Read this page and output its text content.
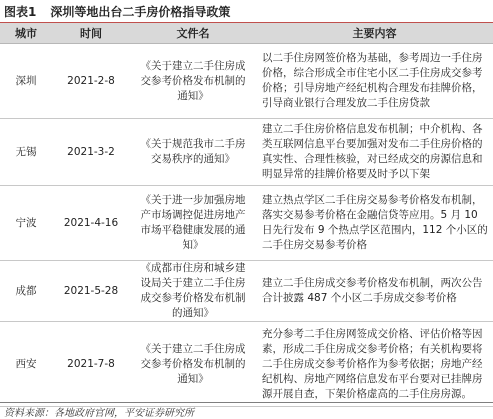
图表1 深圳等地出台二手房价格指导政策
城市	时间	文件名	主要内容
深圳	2021-2-8	《关于建立二手住房成交参考价格发布机制的通知》	以二手住房网签价格为基础，参考周边一手住房价格，综合形成全市住宅小区二手住房成交参考价格；引导房地产经纪机构合理发布挂牌价格，引导商业银行合理发放二手住房贷款
无锡	2021-3-2	《关于规范我市二手房交易秩序的通知》	建立二手住房价格信息发布机制；中介机构、各类互联网信息平台要加强对发布二手住房价格的真实性、合理性核验，对已经成交的房源信息和明显异常的挂牌价格要及时予以下架
宁波	2021-4-16	《关于进一步加强房地产市场调控促进房地产市场平稳健康发展的通知》	建立热点学区二手住房交易参考价格发布机制，落实交易参考价格在金融信贷等应用。5 月 10 日先行发布 9 个热点学区范围内，112 个小区的二手住房交易参考价格
成都	2021-5-28	《成都市住房和城乡建设局关于建立二手住房成交参考价格发布机制的通知》	建立二手住房成交参考价格发布机制，两次公告合计披露 487 个小区二手房成交参考价格
西安	2021-7-8	《关于建立二手住房成交参考价格发布机制的通知》	充分参考二手住房网签成交价格、评估价格等因素，形成二手住房成交参考价格；有关机构要将二手住房成交参考价格作为参考依据；房地产经纪机构、房地产网络信息发布平台要对已挂牌房源开展自查，下架价格虚高的二手住房房源。
资料来源：各地政府官网，平安证券研究所
